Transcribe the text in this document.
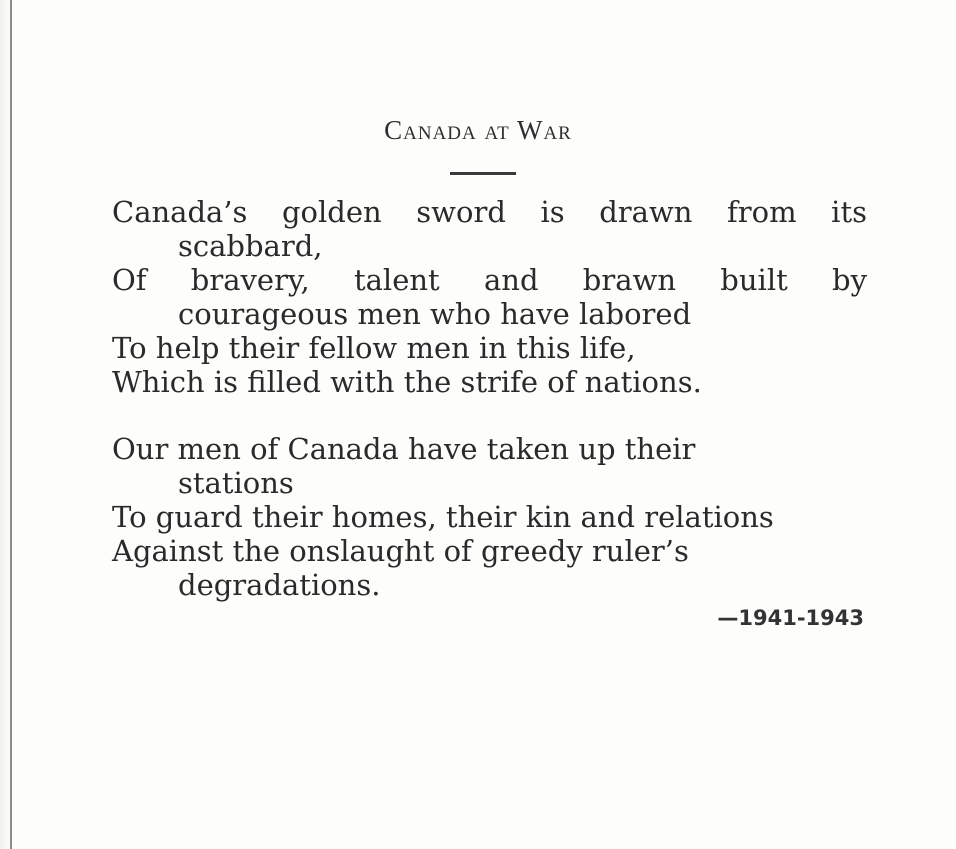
Canada at War
Canada’s golden sword is drawn from its
scabbard,
Of bravery, talent and brawn built by
courageous men who have labored
To help their fellow men in this life,
Which is filled with the strife of nations.
Our men of Canada have taken up their
stations
To guard their homes, their kin and relations
Against the onslaught of greedy ruler’s
degradations.
—1941-1943
